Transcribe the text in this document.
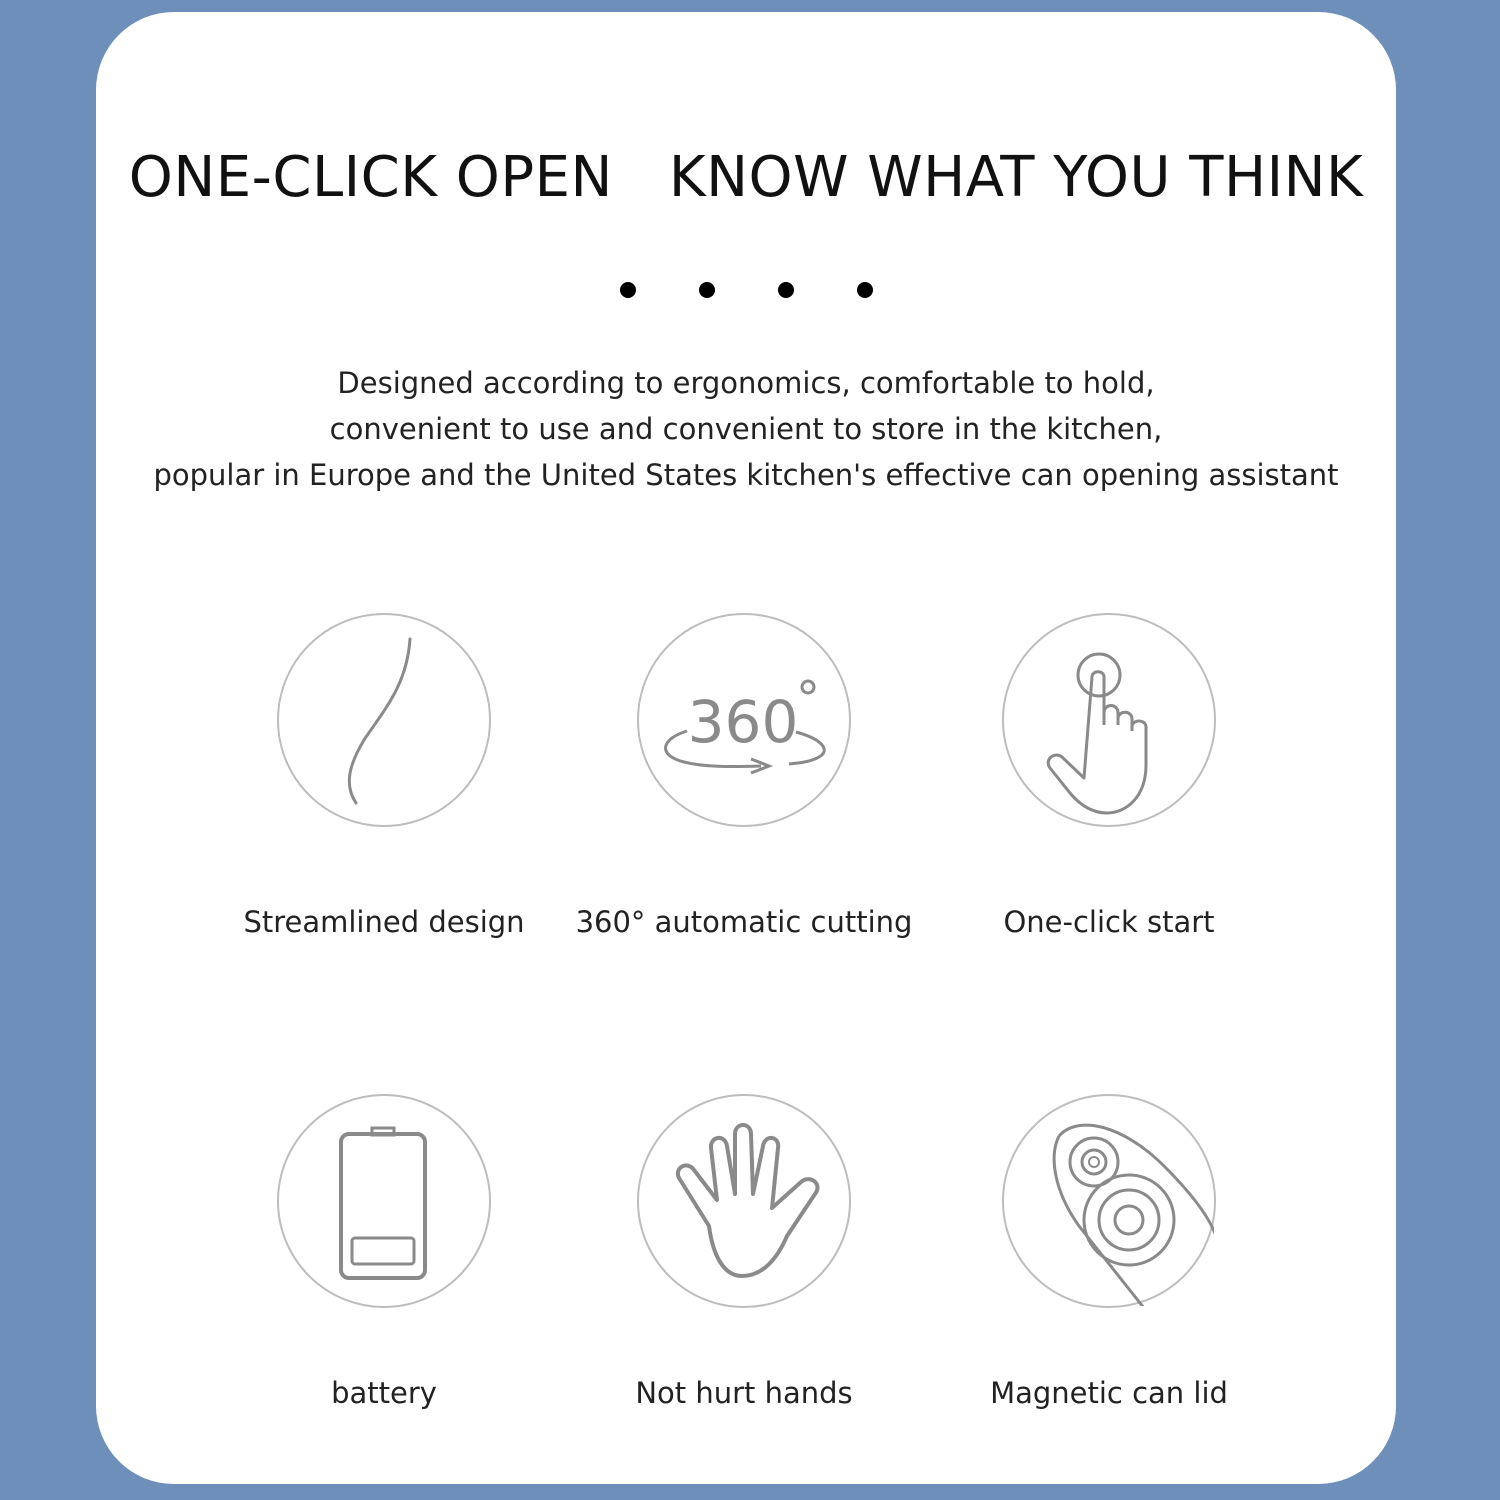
ONE-CLICK OPEN KNOW WHAT YOU THINK
Designed according to ergonomics, comfortable to hold,
convenient to use and convenient to store in the kitchen,
popular in Europe and the United States kitchen's effective can opening assistant
Streamlined design
360
360° automatic cutting	One-click start
battery	Not hurt hands	Magnetic can lid
